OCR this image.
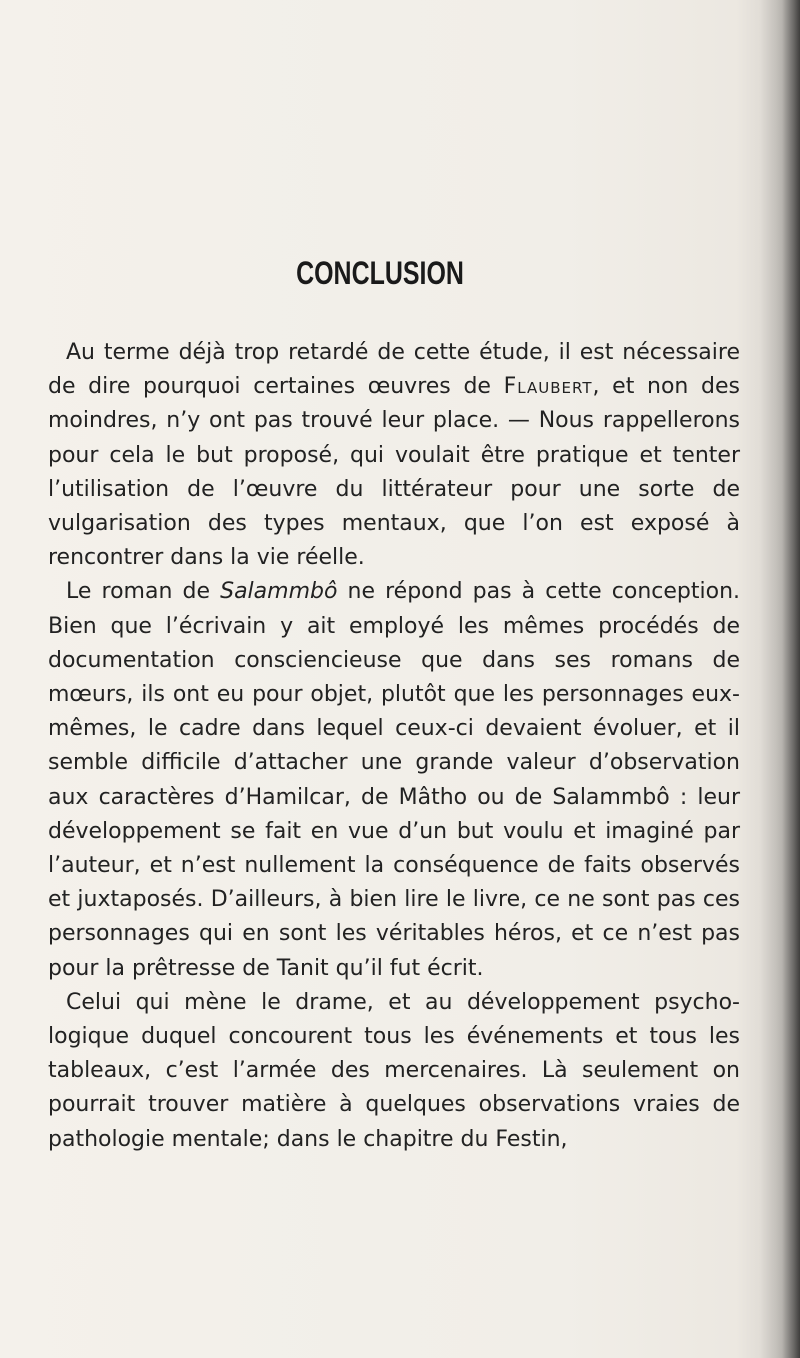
CONCLUSION

Au terme déjà trop retardé de cette étude, il est nécessaire de dire pourquoi certaines œuvres de Flaubert, et non des moindres, n’y ont pas trouvé leur place. — Nous rappellerons pour cela le but proposé, qui voulait être pratique et tenter l’utilisation de l’œuvre du littérateur pour une sorte de vulgarisation des types mentaux, que l’on est exposé à rencontrer dans la vie réelle.

Le roman de Salammbô ne répond pas à cette conception. Bien que l’écrivain y ait employé les mêmes procédés de documentation consciencieuse que dans ses romans de mœurs, ils ont eu pour objet, plutôt que les personnages eux-mêmes, le cadre dans lequel ceux-ci devaient évoluer, et il semble difficile d’attacher une grande valeur d’observation aux caractères d’Hamilcar, de Mâtho ou de Salammbô : leur développement se fait en vue d’un but voulu et imaginé par l’auteur, et n’est nullement la conséquence de faits observés et juxtaposés. D’ailleurs, à bien lire le livre, ce ne sont pas ces personnages qui en sont les véritables héros, et ce n’est pas pour la prêtresse de Tanit qu’il fut écrit.

Celui qui mène le drame, et au développement psychologique duquel concourent tous les événements et tous les tableaux, c’est l’armée des mercenaires. Là seulement on pourrait trouver matière à quelques observations vraies de pathologie mentale; dans le chapitre du Festin,
